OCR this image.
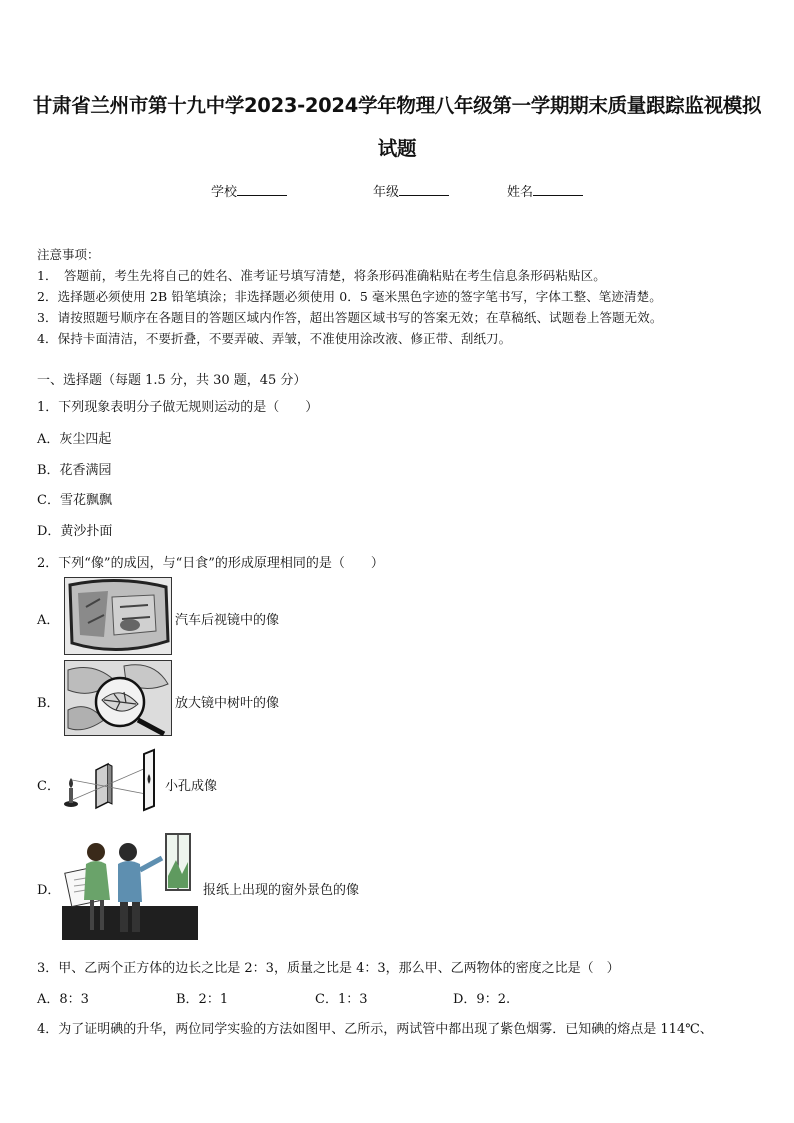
甘肃省兰州市第十九中学2023-2024学年物理八年级第一学期期末质量跟踪监视模拟
试题
学校	年级	姓名
注意事项：
1．　答题前，考生先将自己的姓名、准考证号填写清楚，将条形码准确粘贴在考生信息条形码粘贴区。
2．选择题必须使用 2B 铅笔填涂；非选择题必须使用 0．5 毫米黑色字迹的签字笔书写，字体工整、笔迹清楚。
3．请按照题号顺序在各题目的答题区域内作答，超出答题区域书写的答案无效；在草稿纸、试题卷上答题无效。
4．保持卡面清洁，不要折叠，不要弄破、弄皱，不准使用涂改液、修正带、刮纸刀。
一、选择题（每题 1.5 分，共 30 题，45 分）
1．下列现象表明分子做无规则运动的是（　　）
A．灰尘四起
B．花香满园
C．雪花飘飘
D．黄沙扑面
2．下列“像”的成因，与“日食”的形成原理相同的是（　　）
A．	汽车后视镜中的像
B．	放大镜中树叶的像
C．	小孔成像
D．	报纸上出现的窗外景色的像
3．甲、乙两个正方体的边长之比是 2：3，质量之比是 4：3，那么甲、乙两物体的密度之比是（　）
A．8：3	B．2：1	C．1：3	D．9：2.
4．为了证明碘的升华，两位同学实验的方法如图甲、乙所示，两试管中都出现了紫色烟雾．已知碘的熔点是 114℃、
